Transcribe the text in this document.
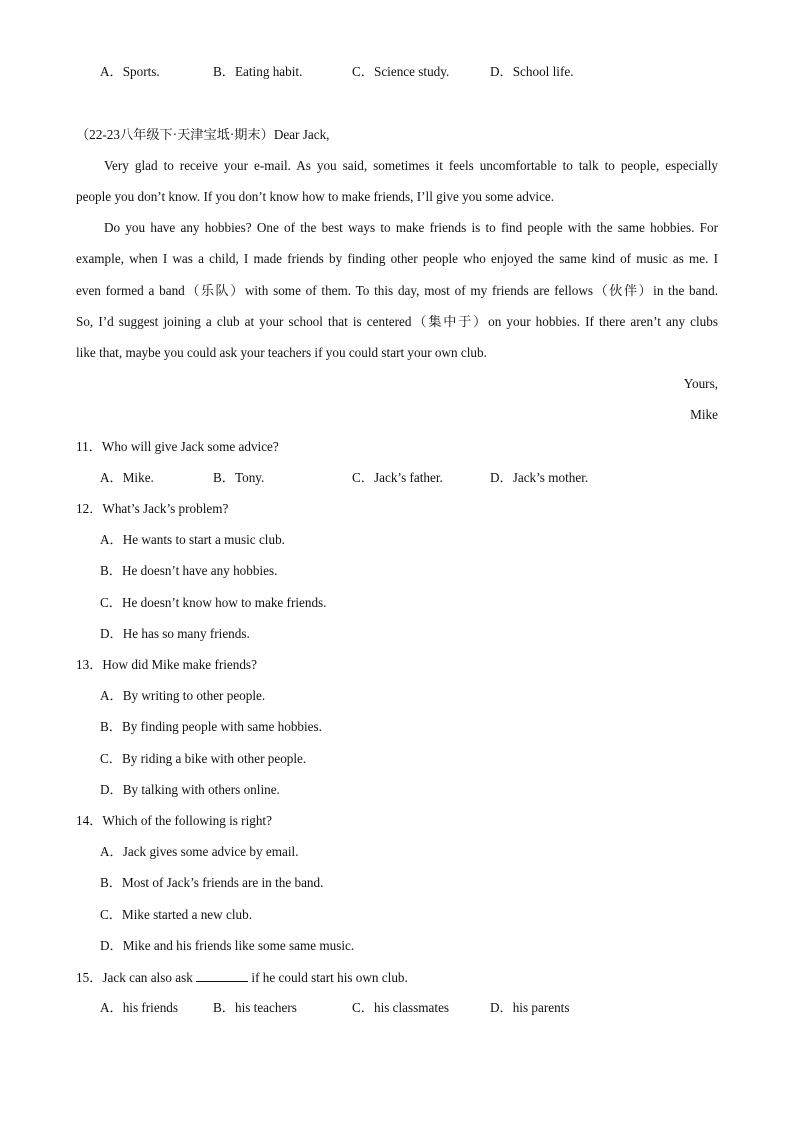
A．Sports.	B．Eating habit.	C．Science study.	D．School life.
（22-23八年级下·天津宝坻·期末）Dear Jack,
Very glad to receive your e-mail. As you said, sometimes it feels uncomfortable to talk to people, especially
people you don’t know. If you don’t know how to make friends, I’ll give you some advice.
Do you have any hobbies? One of the best ways to make friends is to find people with the same hobbies. For
example, when I was a child, I made friends by finding other people who enjoyed the same kind of music as me. I
even formed a band（乐队）with some of them. To this day, most of my friends are fellows（伙伴）in the band.
So, I’d suggest joining a club at your school that is centered（集中于）on your hobbies. If there aren’t any clubs
like that, maybe you could ask your teachers if you could start your own club.
Yours,
Mike
11．Who will give Jack some advice?
A．Mike.	B．Tony.	C．Jack’s father.	D．Jack’s mother.
12．What’s Jack’s problem?
A．He wants to start a music club.
B．He doesn’t have any hobbies.
C．He doesn’t know how to make friends.
D．He has so many friends.
13．How did Mike make friends?
A．By writing to other people.
B．By finding people with same hobbies.
C．By riding a bike with other people.
D．By talking with others online.
14．Which of the following is right?
A．Jack gives some advice by email.
B．Most of Jack’s friends are in the band.
C．Mike started a new club.
D．Mike and his friends like some same music.
15．Jack can also ask	if he could start his own club.
A．his friends	B．his teachers	C．his classmates	D．his parents
